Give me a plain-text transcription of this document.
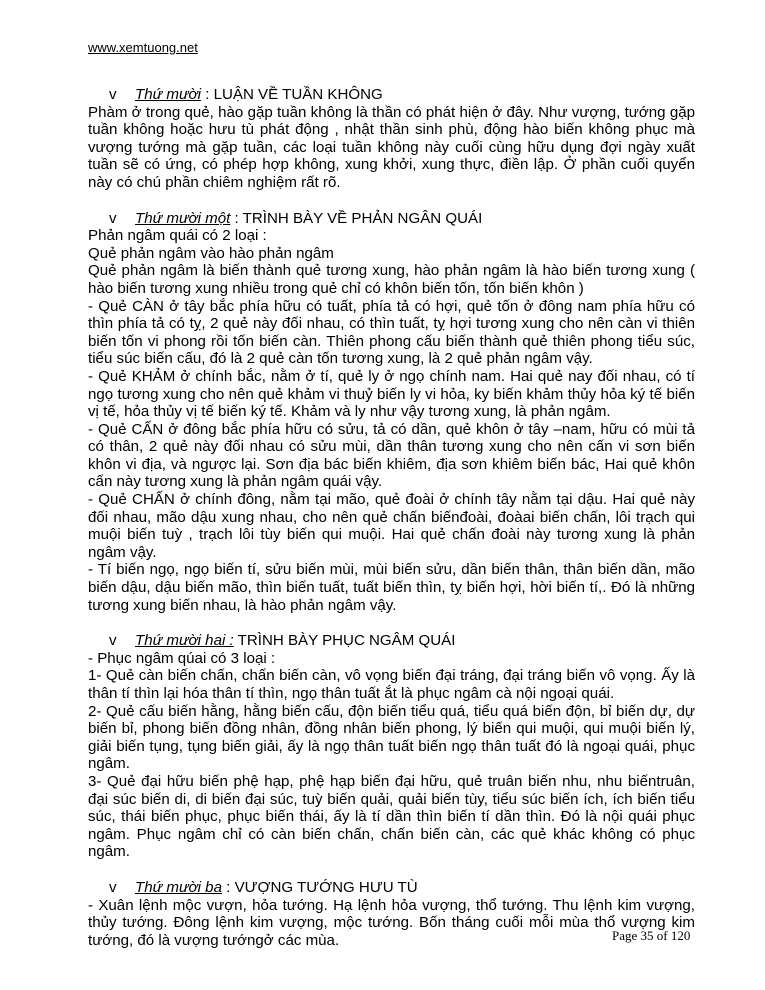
www.xemtuong.net
v Thứ mười : LUẬN VỀ TUẦN KHÔNG

Phàm ở trong quẻ, hào gặp tuần không là thần có phát hiện ở đây. Như vượng, tướng gặp tuần không hoặc hưu tù phát động , nhật thần sinh phù, động hào biến không phục mà vượng tướng mà gặp tuần, các loại tuần không này cuối cùng hữu dụng đợi ngày xuất tuần sẽ có ứng, có phép hợp không, xung khởi, xung thực, điền lập. Ở phần cuối quyển này có chú phần chiêm nghiệm rất rõ.

v Thứ mười một : TRÌNH BÀY VỀ PHẢN NGÂN QUÁI

Phản ngâm quái có 2 loại :

Quẻ phản ngâm vào hào phản ngâm

Quẻ phản ngâm là biến thành quẻ tương xung, hào phản ngâm là hào biến tương xung ( hào biến tương xung nhiều trong quẻ chỉ có khôn biến tốn, tốn biến khôn )

- Quẻ CÀN ở tây bắc phía hữu có tuất, phía tả có hợi, quẻ tốn ở đông nam phía hữu có thìn phía tả có tỵ, 2 quẻ này đối nhau, có thìn tuất, tỵ hợi tương xung cho nên càn vi thiên biến tốn vi phong rồi tốn biến càn. Thiên phong cấu biến thành quẻ thiên phong tiểu súc, tiểu súc biến cấu, đó là 2 quẻ càn tốn tương xung, là 2 quẻ phản ngâm vậy.

- Quẻ KHẢM ở chính bắc, nằm ở tí, quẻ ly ở ngọ chính nam. Hai quẻ nay đối nhau, có tí ngọ tương xung cho nên quẻ khảm vi thuỷ biến ly vi hỏa, ky biến khảm thủy hỏa ký tế biến vị tế, hỏa thủy vị tế biến ký tế. Khảm và ly như vậy tương xung, là phản ngâm.

- Quẻ CẤN ở đông bắc phía hữu có sửu, tả có dần, quẻ khôn ở tây –nam, hữu có mùi tả có thân, 2 quẻ này đối nhau có sửu mùi, dần thân tương xung cho nên cấn vi sơn biến khôn vi địa, và ngược lại. Sơn địa bác biến khiêm, địa sơn khiêm biến bác, Hai quẻ khôn cấn này tương xung là phản ngâm quái vậy.

- Quẻ CHẤN ở chính đông, nằm tại mão, quẻ đoài ở chính tây nằm tại dậu. Hai quẻ này đối nhau, mão dậu xung nhau, cho nên quẻ chấn biếnđoài, đoàai biến chấn, lôi trạch qui muội biến tuỳ , trạch lôi tùy biến qui muội. Hai quẻ chấn đoài này tương xung là phản ngâm vậy.

- Tí biến ngọ, ngọ biến tí, sửu biến mùi, mùi biến sửu, dần biến thân, thân biến dần, mão biến dậu, dậu biến mão, thìn biến tuất, tuất biến thìn, tỵ biến hợi, hời biến tí,. Đó là những tương xung biến nhau, là hào phản ngâm vậy.

v Thứ mười hai : TRÌNH BÀY PHỤC NGÂM QUÁI

- Phục ngâm qúai có 3 loại :

1- Quẻ càn biến chấn, chấn biến càn, vô vọng biến đại tráng, đại tráng biến vô vọng. Ấy là thân tí thìn lại hóa thân tí thìn, ngọ thân tuất ắt là phục ngâm cà nội ngoại quái.

2- Quẻ cấu biến hằng, hằng biến cấu, độn biến tiểu quá, tiểu quá biến độn, bỉ biến dự, dự biến bỉ, phong biến đồng nhân, đồng nhân biến phong, lý biến qui muội, qui muội biến lý, giải biến tụng, tụng biến giải, ấy là ngọ thân tuất biến ngọ thân tuất đó là ngoại quái, phục ngâm.

3- Quẻ đại hữu biến phệ hạp, phệ hạp biến đại hữu, quẻ truân biến nhu, nhu biếntruân, đại súc biến di, di biến đại súc, tuỳ biến quải, quải biến tùy, tiểu súc biến ích, ích biến tiểu súc, thái biến phục, phục biến thái, ấy là tí dần thìn biến tí dần thìn. Đó là nội quái phục ngâm. Phục ngâm chỉ có càn biến chấn, chấn biến càn, các quẻ khác không có phục ngâm.

v Thứ mười ba : VƯỢNG TƯỚNG HƯU TÙ

- Xuân lệnh mộc vượn, hỏa tướng. Hạ lệnh hỏa vượng, thổ tướng. Thu lệnh kim vượng, thủy tướng. Đông lệnh kim vượng, mộc tướng. Bốn tháng cuối mỗi mùa thổ vượng kim tướng, đó là vượng tướngở các mùa.	Page 35 of 120
